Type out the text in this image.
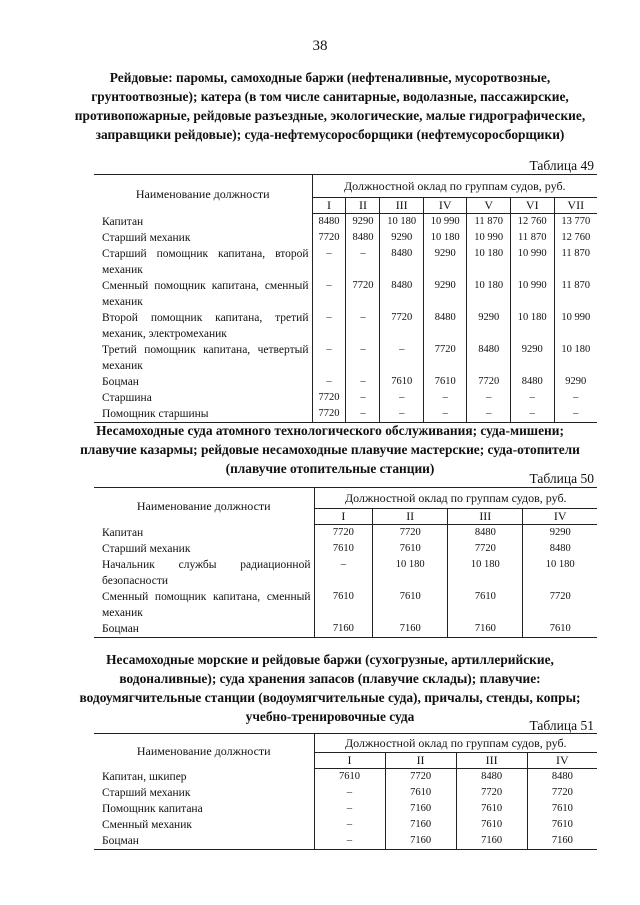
38
Рейдовые: паромы, самоходные баржи (нефтеналивные, мусоротвозные, грунтоотвозные); катера (в том числе санитарные, водолазные, пассажирские, противопожарные, рейдовые разъездные, экологические, малые гидрографические, заправщики рейдовые); суда-нефтемусоросборщики (нефтемусоросборщики)
Таблица 49
Наименование должности	Должностной оклад по группам судов, руб.						
	I	II	III	IV	V	VI	VII
Капитан	8480	9290	10 180	10 990	11 870	12 760	13 770
Старший механик	7720	8480	9290	10 180	10 990	11 870	12 760
Старший помощник капитана, второй механик	–	–	8480	9290	10 180	10 990	11 870
Сменный помощник капитана, сменный механик	–	7720	8480	9290	10 180	10 990	11 870
Второй помощник капитана, третий механик, электромеханик	–	–	7720	8480	9290	10 180	10 990
Третий помощник капитана, четвертый механик	–	–	–	7720	8480	9290	10 180
Боцман	–	–	7610	7610	7720	8480	9290
Старшина	7720	–	–	–	–	–	–
Помощник старшины	7720	–	–	–	–	–	–
Несамоходные суда атомного технологического обслуживания; суда-мишени; плавучие казармы; рейдовые несамоходные плавучие мастерские; суда-отопители (плавучие отопительные станции)
Таблица 50
Наименование должности	Должностной оклад по группам судов, руб.			
	I	II	III	IV
Капитан	7720	7720	8480	9290
Старший механик	7610	7610	7720	8480
Начальник службы радиационной безопасности	–	10 180	10 180	10 180
Сменный помощник капитана, сменный механик	7610	7610	7610	7720
Боцман	7160	7160	7160	7610
Несамоходные морские и рейдовые баржи (сухогрузные, артиллерийские, водоналивные); суда хранения запасов (плавучие склады); плавучие: водоумягчительные станции (водоумягчительные суда), причалы, стенды, копры; учебно-тренировочные суда
Таблица 51
Наименование должности	Должностной оклад по группам судов, руб.			
	I	II	III	IV
Капитан, шкипер	7610	7720	8480	8480
Старший механик	–	7610	7720	7720
Помощник капитана	–	7160	7610	7610
Сменный механик	–	7160	7610	7610
Боцман	–	7160	7160	7160
